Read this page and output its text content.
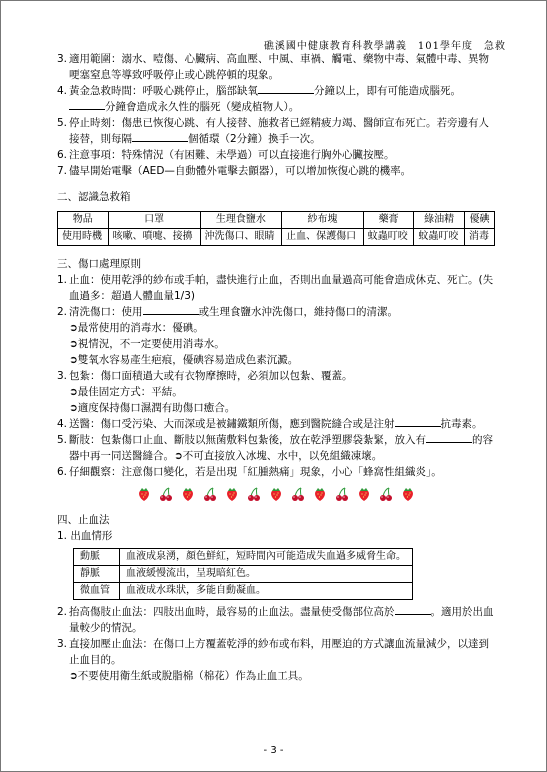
礁溪國中健康教育科教學講義　101學年度　急救
3. 適用範圍：溺水、噎傷、心臟病、高血壓、中風、車禍、觸電、藥物中毒、氣體中毒、異物哽塞窒息等導致呼吸停止或心跳停頓的現象。
4. 黃金急救時間：呼吸心跳停止，腦部缺氧	分鐘以上，即有可能造成腦死。分鐘會造成永久性的腦死（變成植物人）。
5. 停止時刻：傷患已恢復心跳、有人接替、施救者已經精疲力竭、醫師宣布死亡。若旁邊有人接替，則每隔	個循環（2分鐘）換手一次。
6. 注意事項：特殊情況（有困難、未學過）可以直接進行胸外心臟按壓。
7. 儘早開始電擊（AED—自動體外電擊去顫器），可以增加恢復心跳的機率。
二、認識急救箱
物品	口罩	生理食鹽水	紗布塊	藥膏	綠油精	優碘
使用時機	咳嗽、噴嚏、接擤	沖洗傷口、眼睛	止血、保護傷口	蚊蟲叮咬	蚊蟲叮咬	消毒
三、傷口處理原則
1. 止血：使用乾淨的紗布或手帕，盡快進行止血，否則出血量過高可能會造成休克、死亡。(失血過多：超過人體血量1/3)
2. 清洗傷口：使用	或生理食鹽水沖洗傷口，維持傷口的清潔。
➲最常使用的消毒水：優碘。
➲視情況，不一定要使用消毒水。
➲雙氧水容易產生疤痕，優碘容易造成色素沉澱。
3. 包紮：傷口面積過大或有衣物摩擦時，必須加以包紮、覆蓋。
➲最佳固定方式：平結。
➲適度保持傷口濕潤有助傷口癒合。
4. 送醫：傷口受污染、大而深或是被鏽鐵類所傷，應到醫院縫合或是注射	抗毒素。
5. 斷肢：包紮傷口止血、斷肢以無菌敷料包紮後，放在乾淨塑膠袋紮緊，放入有	的容器中再一同送醫縫合。➲不可直接放入冰塊、水中，以免組織凍壞。
6. 仔細觀察：注意傷口變化，若是出現「紅腫熱痛」現象，小心「蜂窩性組織炎」。
四、止血法
1. 出血情形
動脈	血液成泉湧，顏色鮮紅，短時間內可能造成失血過多威脅生命。
靜脈	血液緩慢流出，呈現暗紅色。
微血管	血液成水珠狀，多能自動凝血。
2. 抬高傷肢止血法：四肢出血時，最容易的止血法。盡量使受傷部位高於	。適用於出血量較少的情況。
3. 直接加壓止血法：在傷口上方覆蓋乾淨的紗布或布料，用壓迫的方式讓血流量減少，以達到止血目的。
➲不要使用衛生紙或脫脂棉（棉花）作為止血工具。
- 3 -
